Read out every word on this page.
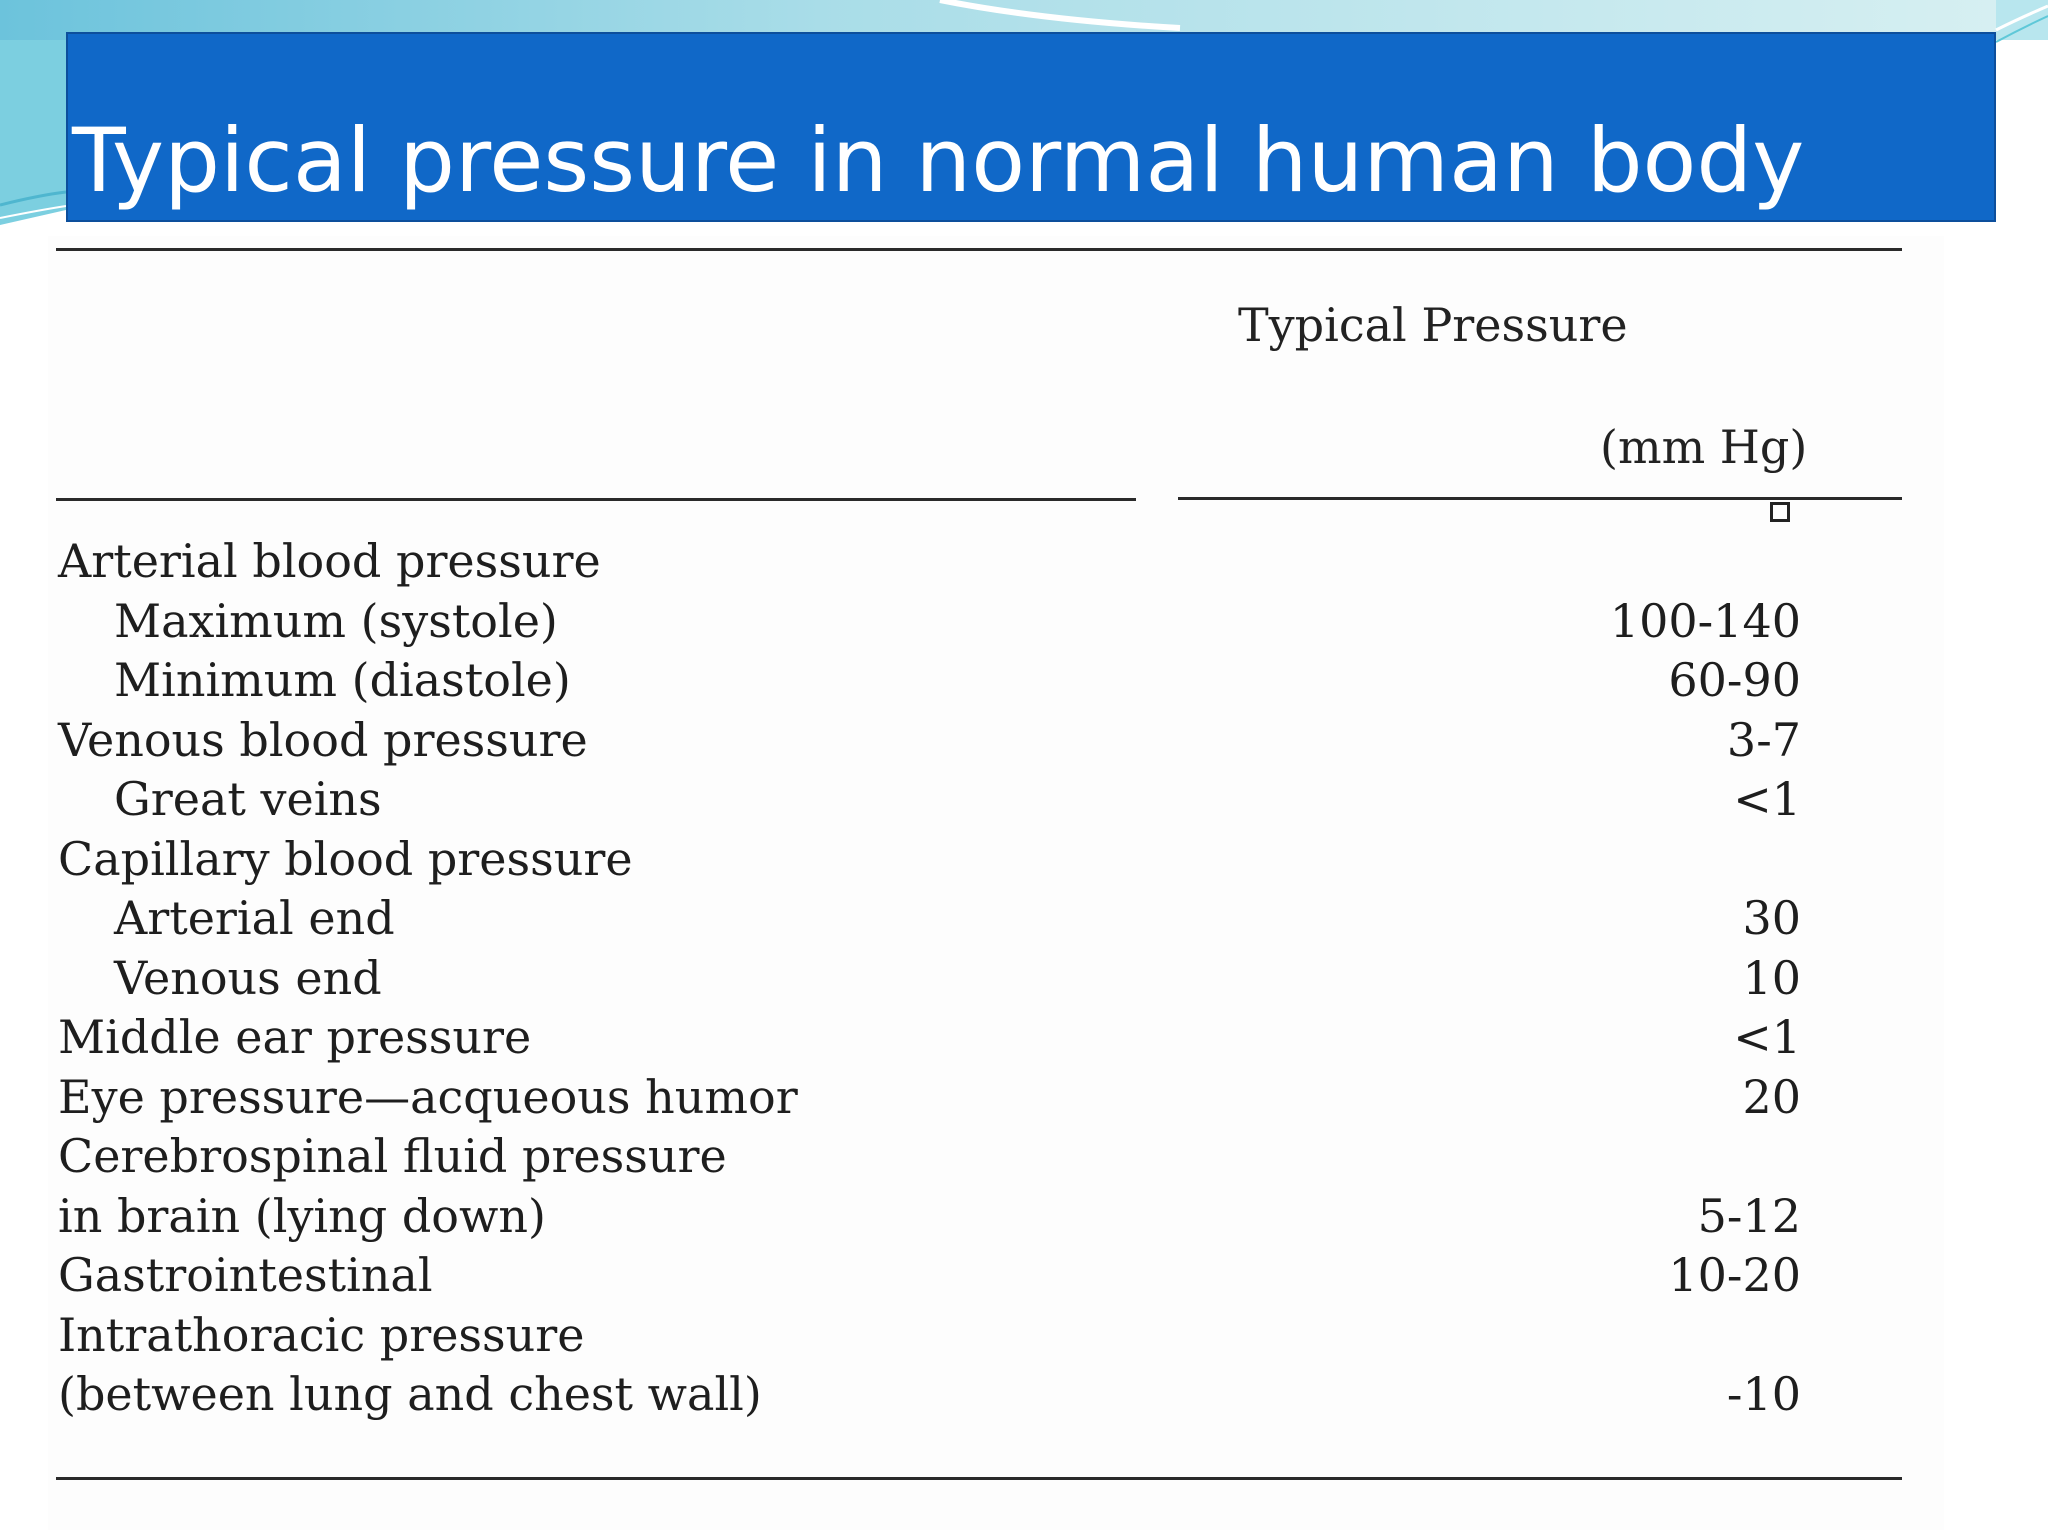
Typical pressure in normal human body
Typical Pressure
(mm Hg)
Arterial blood pressure
Maximum (systole)	100-140
Minimum (diastole)	60-90
Venous blood pressure	3-7
Great veins	<1
Capillary blood pressure
Arterial end	30
Venous end	10
Middle ear pressure	<1
Eye pressure—acqueous humor	20
Cerebrospinal fluid pressure
in brain (lying down)	5-12
Gastrointestinal	10-20
Intrathoracic pressure
(between lung and chest wall)	-10
